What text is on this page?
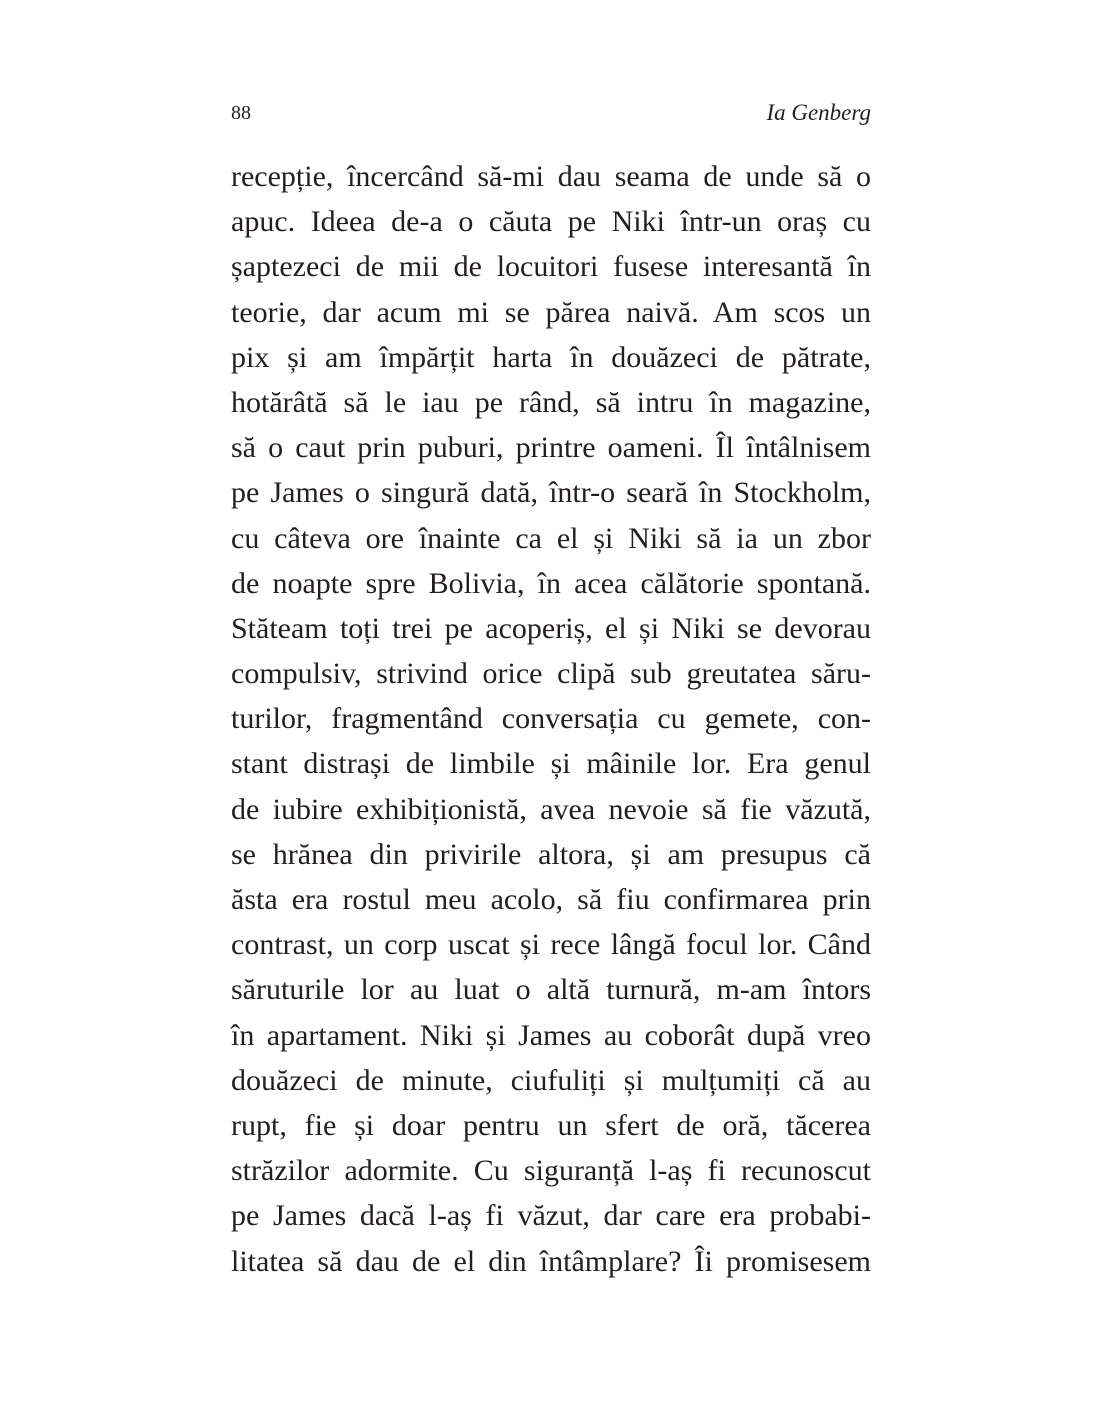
88	Ia Genberg
recepție, încercând să-mi dau seama de unde să o
apuc. Ideea de-a o căuta pe Niki într-un oraș cu
șaptezeci de mii de locuitori fusese interesantă în
teorie, dar acum mi se părea naivă. Am scos un
pix și am împărțit harta în douăzeci de pătrate,
hotărâtă să le iau pe rând, să intru în magazine,
să o caut prin puburi, printre oameni. Îl întâlnisem
pe James o singură dată, într-o seară în Stockholm,
cu câteva ore înainte ca el și Niki să ia un zbor
de noapte spre Bolivia, în acea călătorie spontană.
Stăteam toți trei pe acoperiș, el și Niki se devorau
compulsiv, strivind orice clipă sub greutatea săru-
turilor, fragmentând conversația cu gemete, con-
stant distrași de limbile și mâinile lor. Era genul
de iubire exhibiționistă, avea nevoie să fie văzută,
se hrănea din privirile altora, și am presupus că
ăsta era rostul meu acolo, să fiu confirmarea prin
contrast, un corp uscat și rece lângă focul lor. Când
săruturile lor au luat o altă turnură, m-am întors
în apartament. Niki și James au coborât după vreo
douăzeci de minute, ciufuliți și mulțumiți că au
rupt, fie și doar pentru un sfert de oră, tăcerea
străzilor adormite. Cu siguranță l-aș fi recunoscut
pe James dacă l-aș fi văzut, dar care era probabi-
litatea să dau de el din întâmplare? Îi promisesem
